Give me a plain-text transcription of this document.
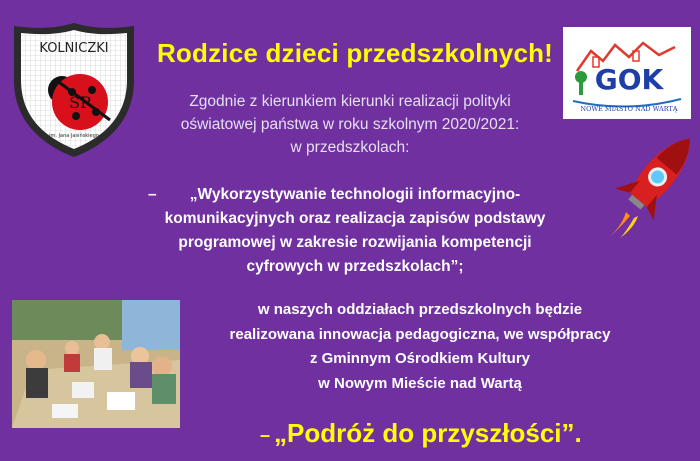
KOLNICZKI
SP
im. Jana Jasińskiego
Rodzice dzieci przedszkolnych!
Zgodnie z kierunkiem kierunki realizacji polityki
oświatowej państwa w roku szkolnym 2020/2021:
w przedszkolach:
–	„Wykorzystywanie technologii informacyjno-
komunikacyjnych oraz realizacja zapisów podstawy
programowej w zakresie rozwijania kompetencji
cyfrowych w przedszkolach”;
w naszych oddziałach przedszkolnych będzie
realizowana innowacja pedagogiczna, we współpracy
z Gminnym Ośrodkiem Kultury
w Nowym Mieście nad Wartą
– „Podróż do przyszłości”.
GOK
NOWE MIASTO NAD WARTĄ
